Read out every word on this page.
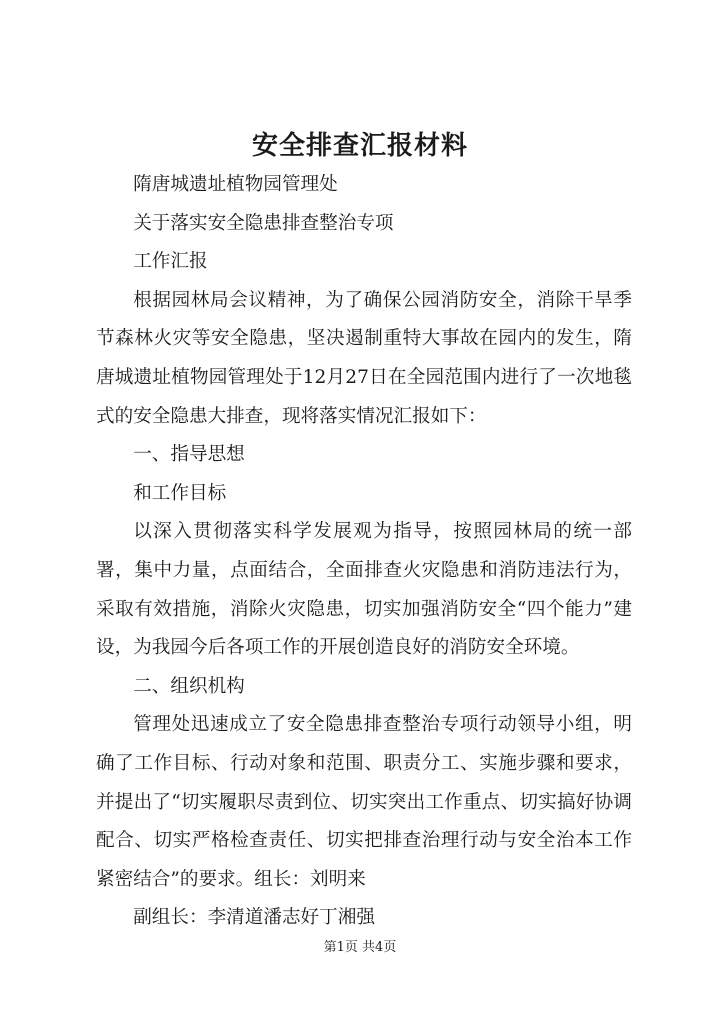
安全排查汇报材料

隋唐城遗址植物园管理处

关于落实安全隐患排查整治专项

工作汇报

根据园林局会议精神，为了确保公园消防安全，消除干旱季节森林火灾等安全隐患，坚决遏制重特大事故在园内的发生，隋唐城遗址植物园管理处于12月27日在全园范围内进行了一次地毯式的安全隐患大排查，现将落实情况汇报如下：

一、指导思想

和工作目标

以深入贯彻落实科学发展观为指导，按照园林局的统一部署，集中力量，点面结合，全面排查火灾隐患和消防违法行为，采取有效措施，消除火灾隐患，切实加强消防安全“四个能力”建设，为我园今后各项工作的开展创造良好的消防安全环境。

二、组织机构

管理处迅速成立了安全隐患排查整治专项行动领导小组，明确了工作目标、行动对象和范围、职责分工、实施步骤和要求，并提出了“切实履职尽责到位、切实突出工作重点、切实搞好协调配合、切实严格检查责任、切实把排查治理行动与安全治本工作紧密结合”的要求。组长：刘明来

副组长：李清道潘志好丁湘强

第1页 共4页
